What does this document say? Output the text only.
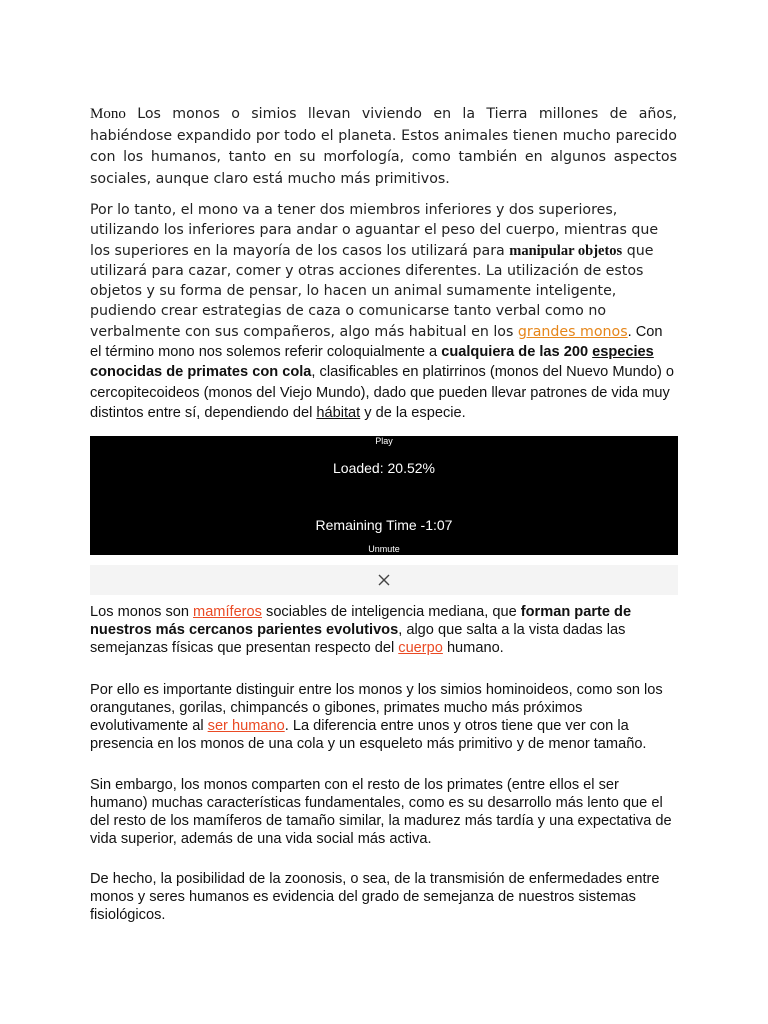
Mono Los monos o simios llevan viviendo en la Tierra millones de años, habiéndose expandido por todo el planeta. Estos animales tienen mucho parecido con los humanos, tanto en su morfología, como también en algunos aspectos sociales, aunque claro está mucho más primitivos.

Por lo tanto, el mono va a tener dos miembros inferiores y dos superiores, utilizando los inferiores para andar o aguantar el peso del cuerpo, mientras que los superiores en la mayoría de los casos los utilizará para manipular objetos que utilizará para cazar, comer y otras acciones diferentes. La utilización de estos objetos y su forma de pensar, lo hacen un animal sumamente inteligente, pudiendo crear estrategias de caza o comunicarse tanto verbal como no verbalmente con sus compañeros, algo más habitual en los grandes monos. Con el término mono nos solemos referir coloquialmente a cualquiera de las 200 especies conocidas de primates con cola, clasificables en platirrinos (monos del Nuevo Mundo) o cercopitecoideos (monos del Viejo Mundo), dado que pueden llevar patrones de vida muy distintos entre sí, dependiendo del hábitat y de la especie.

Play
Loaded: 20.52%
Remaining Time -1:07
Unmute

Los monos son mamíferos sociables de inteligencia mediana, que forman parte de nuestros más cercanos parientes evolutivos, algo que salta a la vista dadas las semejanzas físicas que presentan respecto del cuerpo humano.

Por ello es importante distinguir entre los monos y los simios hominoideos, como son los orangutanes, gorilas, chimpancés o gibones, primates mucho más próximos evolutivamente al ser humano. La diferencia entre unos y otros tiene que ver con la presencia en los monos de una cola y un esqueleto más primitivo y de menor tamaño.

Sin embargo, los monos comparten con el resto de los primates (entre ellos el ser humano) muchas características fundamentales, como es su desarrollo más lento que el del resto de los mamíferos de tamaño similar, la madurez más tardía y una expectativa de vida superior, además de una vida social más activa.

De hecho, la posibilidad de la zoonosis, o sea, de la transmisión de enfermedades entre monos y seres humanos es evidencia del grado de semejanza de nuestros sistemas fisiológicos.
